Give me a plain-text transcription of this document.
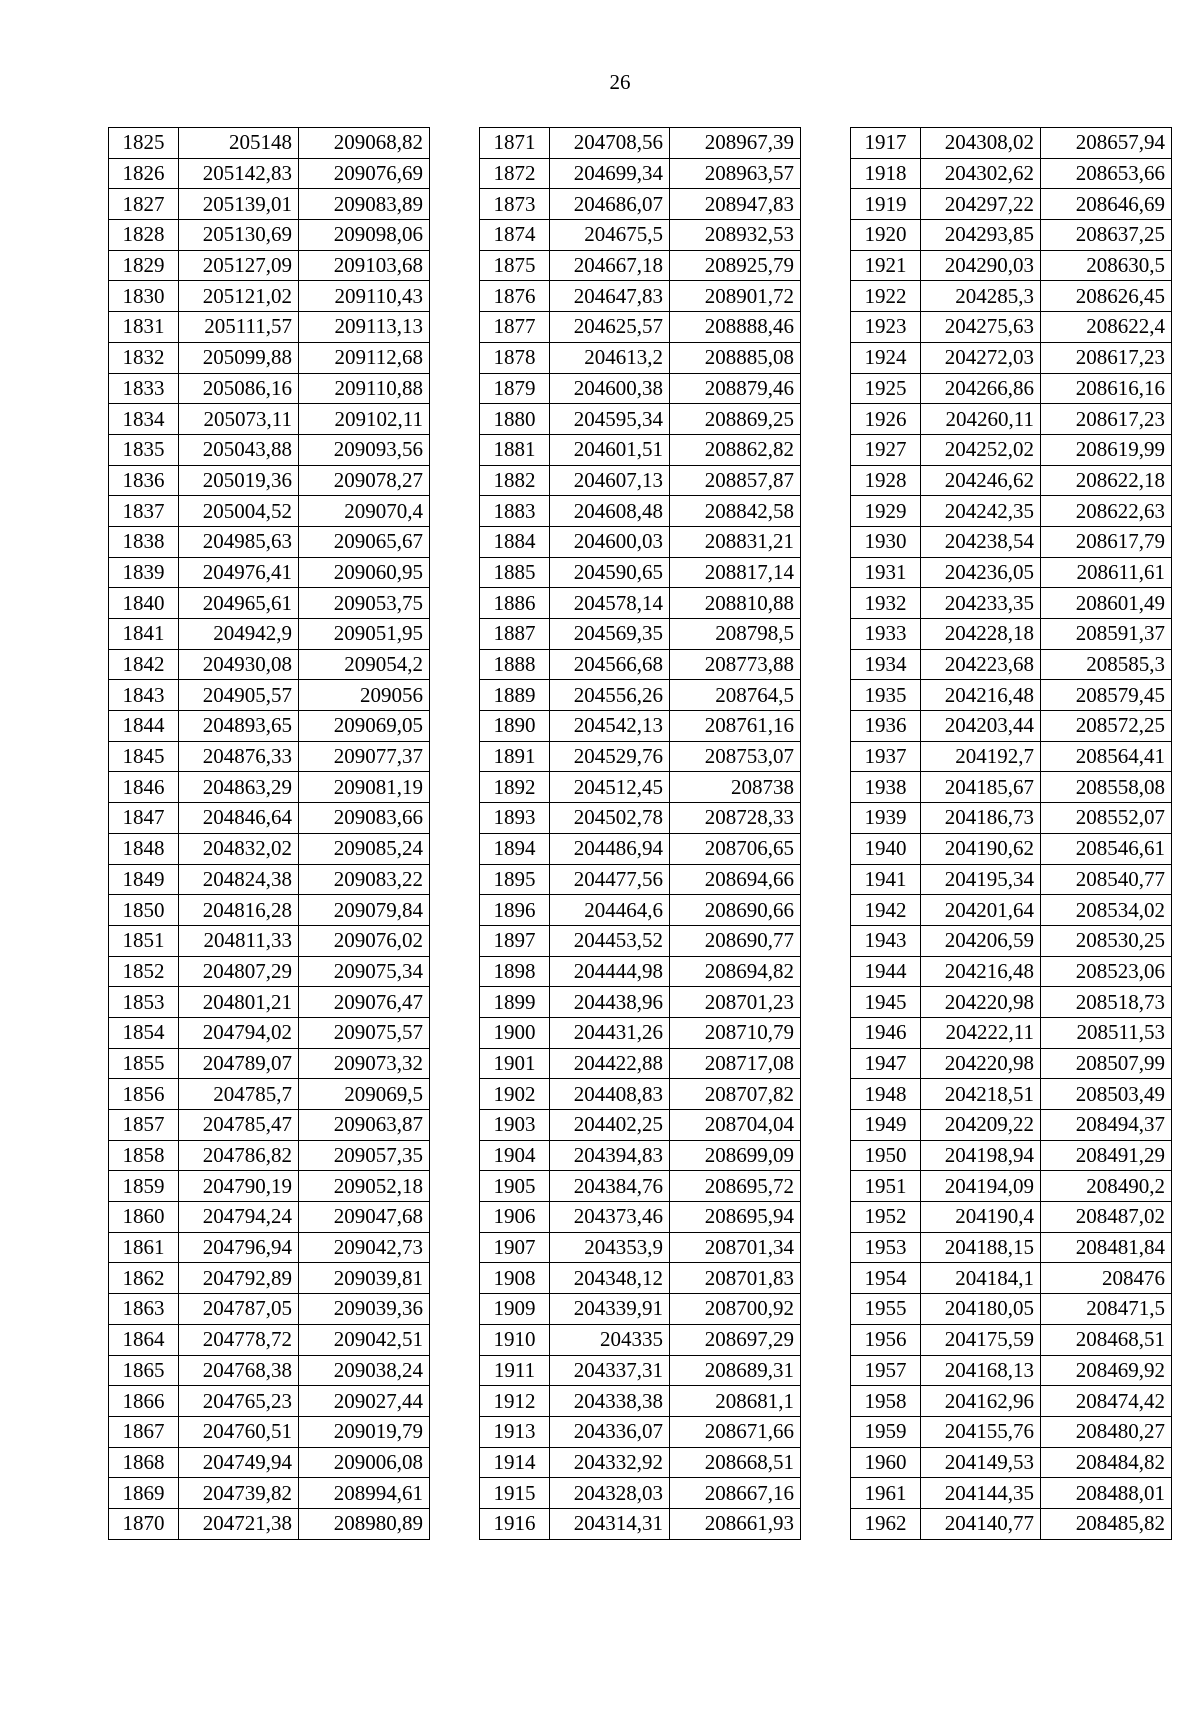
26
1825	205148	209068,82
1826	205142,83	209076,69
1827	205139,01	209083,89
1828	205130,69	209098,06
1829	205127,09	209103,68
1830	205121,02	209110,43
1831	205111,57	209113,13
1832	205099,88	209112,68
1833	205086,16	209110,88
1834	205073,11	209102,11
1835	205043,88	209093,56
1836	205019,36	209078,27
1837	205004,52	209070,4
1838	204985,63	209065,67
1839	204976,41	209060,95
1840	204965,61	209053,75
1841	204942,9	209051,95
1842	204930,08	209054,2
1843	204905,57	209056
1844	204893,65	209069,05
1845	204876,33	209077,37
1846	204863,29	209081,19
1847	204846,64	209083,66
1848	204832,02	209085,24
1849	204824,38	209083,22
1850	204816,28	209079,84
1851	204811,33	209076,02
1852	204807,29	209075,34
1853	204801,21	209076,47
1854	204794,02	209075,57
1855	204789,07	209073,32
1856	204785,7	209069,5
1857	204785,47	209063,87
1858	204786,82	209057,35
1859	204790,19	209052,18
1860	204794,24	209047,68
1861	204796,94	209042,73
1862	204792,89	209039,81
1863	204787,05	209039,36
1864	204778,72	209042,51
1865	204768,38	209038,24
1866	204765,23	209027,44
1867	204760,51	209019,79
1868	204749,94	209006,08
1869	204739,82	208994,61
1870	204721,38	208980,89
1871	204708,56	208967,39
1872	204699,34	208963,57
1873	204686,07	208947,83
1874	204675,5	208932,53
1875	204667,18	208925,79
1876	204647,83	208901,72
1877	204625,57	208888,46
1878	204613,2	208885,08
1879	204600,38	208879,46
1880	204595,34	208869,25
1881	204601,51	208862,82
1882	204607,13	208857,87
1883	204608,48	208842,58
1884	204600,03	208831,21
1885	204590,65	208817,14
1886	204578,14	208810,88
1887	204569,35	208798,5
1888	204566,68	208773,88
1889	204556,26	208764,5
1890	204542,13	208761,16
1891	204529,76	208753,07
1892	204512,45	208738
1893	204502,78	208728,33
1894	204486,94	208706,65
1895	204477,56	208694,66
1896	204464,6	208690,66
1897	204453,52	208690,77
1898	204444,98	208694,82
1899	204438,96	208701,23
1900	204431,26	208710,79
1901	204422,88	208717,08
1902	204408,83	208707,82
1903	204402,25	208704,04
1904	204394,83	208699,09
1905	204384,76	208695,72
1906	204373,46	208695,94
1907	204353,9	208701,34
1908	204348,12	208701,83
1909	204339,91	208700,92
1910	204335	208697,29
1911	204337,31	208689,31
1912	204338,38	208681,1
1913	204336,07	208671,66
1914	204332,92	208668,51
1915	204328,03	208667,16
1916	204314,31	208661,93
1917	204308,02	208657,94
1918	204302,62	208653,66
1919	204297,22	208646,69
1920	204293,85	208637,25
1921	204290,03	208630,5
1922	204285,3	208626,45
1923	204275,63	208622,4
1924	204272,03	208617,23
1925	204266,86	208616,16
1926	204260,11	208617,23
1927	204252,02	208619,99
1928	204246,62	208622,18
1929	204242,35	208622,63
1930	204238,54	208617,79
1931	204236,05	208611,61
1932	204233,35	208601,49
1933	204228,18	208591,37
1934	204223,68	208585,3
1935	204216,48	208579,45
1936	204203,44	208572,25
1937	204192,7	208564,41
1938	204185,67	208558,08
1939	204186,73	208552,07
1940	204190,62	208546,61
1941	204195,34	208540,77
1942	204201,64	208534,02
1943	204206,59	208530,25
1944	204216,48	208523,06
1945	204220,98	208518,73
1946	204222,11	208511,53
1947	204220,98	208507,99
1948	204218,51	208503,49
1949	204209,22	208494,37
1950	204198,94	208491,29
1951	204194,09	208490,2
1952	204190,4	208487,02
1953	204188,15	208481,84
1954	204184,1	208476
1955	204180,05	208471,5
1956	204175,59	208468,51
1957	204168,13	208469,92
1958	204162,96	208474,42
1959	204155,76	208480,27
1960	204149,53	208484,82
1961	204144,35	208488,01
1962	204140,77	208485,82
